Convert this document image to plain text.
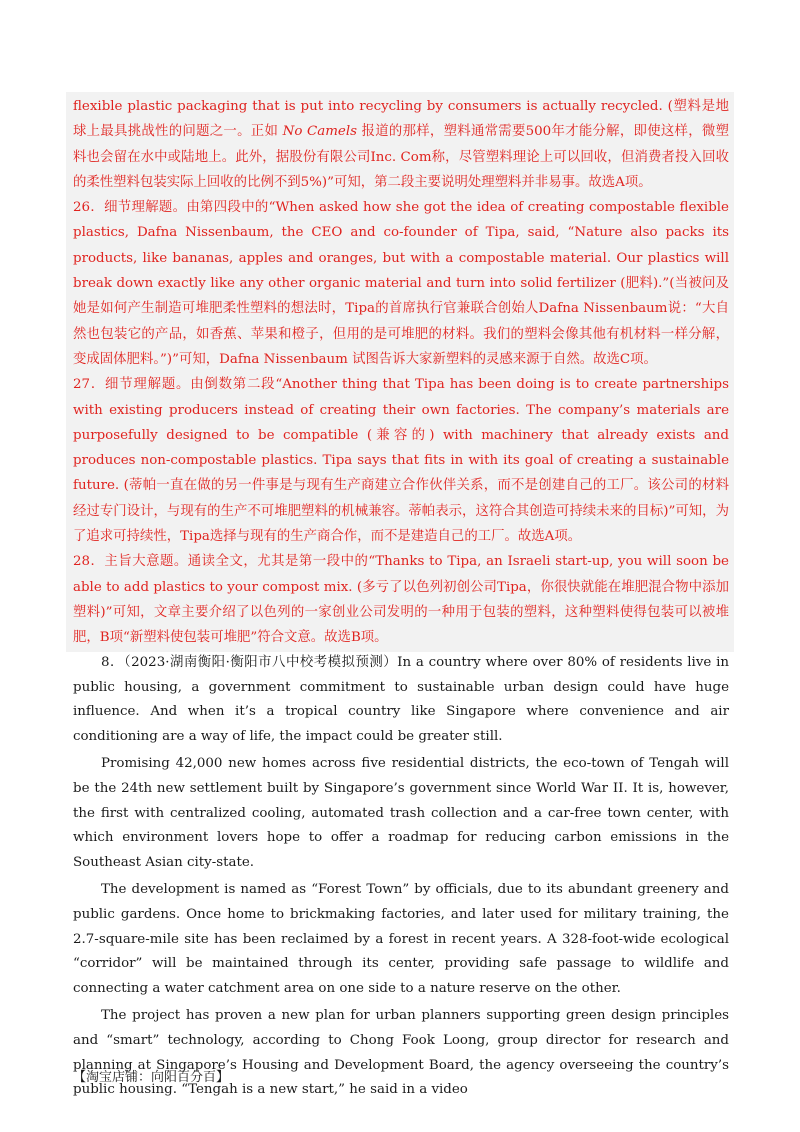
flexible plastic packaging that is put into recycling by consumers is actually recycled. (塑料是地球上最具挑战性的问题之一。正如 No Camels 报道的那样，塑料通常需要500年才能分解，即使这样，微塑料也会留在水中或陆地上。此外，据股份有限公司Inc. Com称，尽管塑料理论上可以回收，但消费者投入回收的柔性塑料包装实际上回收的比例不到5%)”可知，第二段主要说明处理塑料并非易事。故选A项。

26．细节理解题。由第四段中的“When asked how she got the idea of creating compostable flexible plastics, Dafna Nissenbaum, the CEO and co-founder of Tipa, said, “Nature also packs its products, like bananas, apples and oranges, but with a compostable material. Our plastics will break down exactly like any other organic material and turn into solid fertilizer (肥料).”(当被问及她是如何产生制造可堆肥柔性塑料的想法时，Tipa的首席执行官兼联合创始人Dafna Nissenbaum说：“大自然也包装它的产品，如香蕉、苹果和橙子，但用的是可堆肥的材料。我们的塑料会像其他有机材料一样分解，变成固体肥料。”)”可知，Dafna Nissenbaum 试图告诉大家新塑料的灵感来源于自然。故选C项。

27．细节理解题。由倒数第二段“Another thing that Tipa has been doing is to create partnerships with existing producers instead of creating their own factories. The company’s materials are purposefully designed to be compatible (兼容的) with machinery that already exists and produces non-compostable plastics. Tipa says that fits in with its goal of creating a sustainable future. (蒂帕一直在做的另一件事是与现有生产商建立合作伙伴关系，而不是创建自己的工厂。该公司的材料经过专门设计，与现有的生产不可堆肥塑料的机械兼容。蒂帕表示，这符合其创造可持续未来的目标)”可知，为了追求可持续性，Tipa选择与现有的生产商合作，而不是建造自己的工厂。故选A项。

28．主旨大意题。通读全文，尤其是第一段中的“Thanks to Tipa, an Israeli start-up, you will soon be able to add plastics to your compost mix. (多亏了以色列初创公司Tipa，你很快就能在堆肥混合物中添加塑料)”可知，文章主要介绍了以色列的一家创业公司发明的一种用于包装的塑料，这种塑料使得包装可以被堆肥，B项“新塑料使包装可堆肥”符合文意。故选B项。

8．（2023·湖南衡阳·衡阳市八中校考模拟预测）In a country where over 80% of residents live in public housing, a government commitment to sustainable urban design could have huge influence. And when it’s a tropical country like Singapore where convenience and air conditioning are a way of life, the impact could be greater still.

Promising 42,000 new homes across five residential districts, the eco-town of Tengah will be the 24th new settlement built by Singapore’s government since World War II. It is, however, the first with centralized cooling, automated trash collection and a car-free town center, with which environment lovers hope to offer a roadmap for reducing carbon emissions in the Southeast Asian city-state.

The development is named as “Forest Town” by officials, due to its abundant greenery and public gardens. Once home to brickmaking factories, and later used for military training, the 2.7-square-mile site has been reclaimed by a forest in recent years. A 328-foot-wide ecological “corridor” will be maintained through its center, providing safe passage to wildlife and connecting a water catchment area on one side to a nature reserve on the other.

The project has proven a new plan for urban planners supporting green design principles and “smart” technology, according to Chong Fook Loong, group director for research and planning at Singapore’s Housing and Development Board, the agency overseeing the country’s public housing. “Tengah is a new start,” he said in a video

【淘宝店铺：向阳百分百】
